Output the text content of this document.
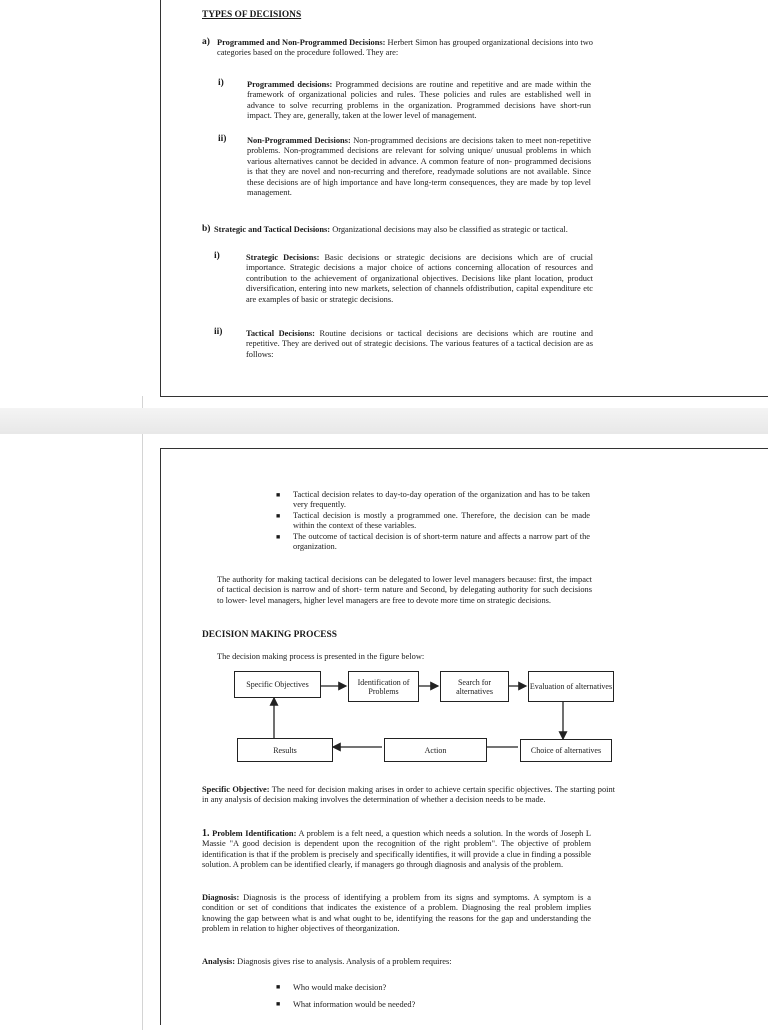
TYPES OF DECISIONS
a) Programmed and Non-Programmed Decisions: Herbert Simon has grouped organizational decisions into two categories based on the procedure followed. They are:
i)	Programmed decisions: Programmed decisions are routine and repetitive and are made within the framework of organizational policies and rules. These policies and rules are established well in advance to solve recurring problems in the organization. Programmed decisions have short-run impact. They are, generally, taken at the lower level of management.
ii) Non-Programmed Decisions: Non-programmed decisions are decisions taken to meet non-repetitive problems. Non-programmed decisions are relevant for solving unique/ unusual problems in which various alternatives cannot be decided in advance. A common feature of non- programmed decisions is that they are novel and non-recurring and therefore, readymade solutions are not available. Since these decisions are of high importance and have long-term consequences, they are made by top level management.
b) Strategic and Tactical Decisions: Organizational decisions may also be classified as strategic or tactical.
i)	Strategic Decisions: Basic decisions or strategic decisions are decisions which are of crucial importance. Strategic decisions a major choice of actions concerning allocation of resources and contribution to the achievement of organizational objectives. Decisions like plant location, product diversification, entering into new markets, selection of channels ofdistribution, capital expenditure etc are examples of basic or strategic decisions.
ii)	Tactical Decisions: Routine decisions or tactical decisions are decisions which are routine and repetitive. They are derived out of strategic decisions. The various features of a tactical decision are as follows:
■ Tactical decision relates to day-to-day operation of the organization and has to be taken very frequently.
■ Tactical decision is mostly a programmed one. Therefore, the decision can be made within the context of these variables.
■ The outcome of tactical decision is of short-term nature and affects a narrow part of the organization.
The authority for making tactical decisions can be delegated to lower level managers because: first, the impact of tactical decision is narrow and of short- term nature and Second, by delegating authority for such decisions to lower- level managers, higher level managers are free to devote more time on strategic decisions.
DECISION MAKING PROCESS
The decision making process is presented in the figure below:
Specific Objectives	Identification of Problems
Search for alternatives	Evaluation of alternatives
Results	Action	Choice of alternatives
Specific Objective: The need for decision making arises in order to achieve certain specific objectives. The starting point in any analysis of decision making involves the determination of whether a decision needs to be made.
1. Problem Identification: A problem is a felt need, a question which needs a solution. In the words of Joseph L Massie "A good decision is dependent upon the recognition of the right problem". The objective of problem identification is that if the problem is precisely and specifically identifies, it will provide a clue in finding a possible solution. A problem can be identified clearly, if managers go through diagnosis and analysis of the problem.
Diagnosis: Diagnosis is the process of identifying a problem from its signs and symptoms. A symptom is a condition or set of conditions that indicates the existence of a problem. Diagnosing the real problem implies knowing the gap between what is and what ought to be, identifying the reasons for the gap and understanding the problem in relation to higher objectives of theorganization.
Analysis: Diagnosis gives rise to analysis. Analysis of a problem requires:
■ Who would make decision?
■ What information would be needed?
